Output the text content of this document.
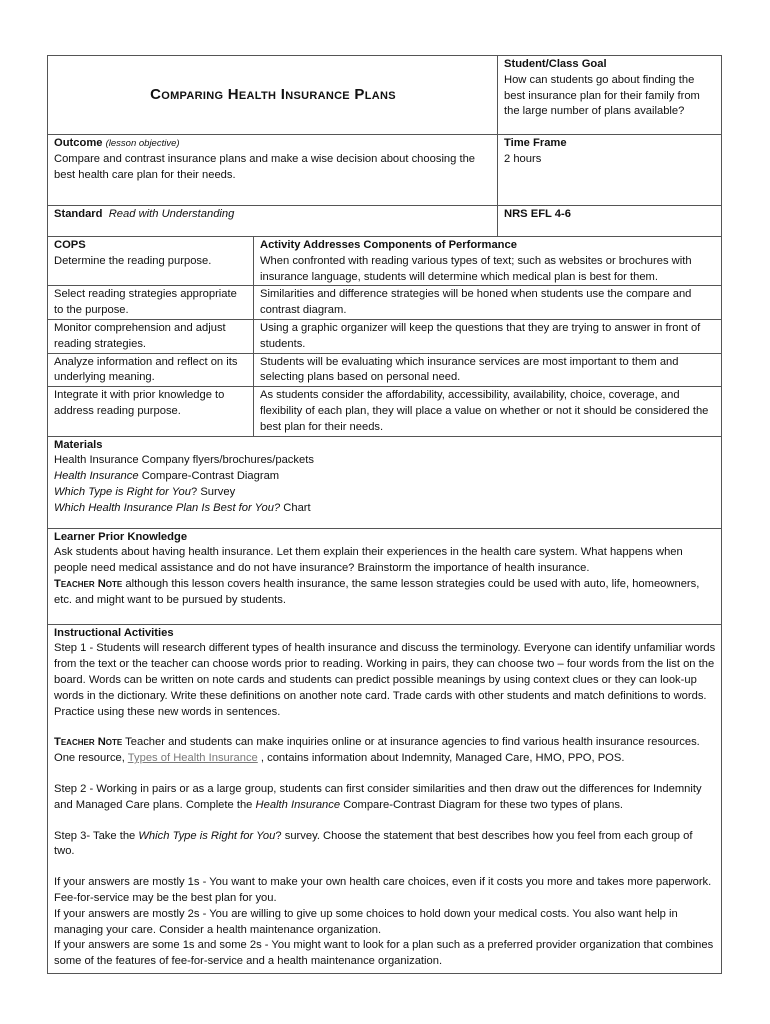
Comparing Health Insurance Plans
Student/Class Goal
How can students go about finding the best insurance plan for their family from the large number of plans available?
Outcome (lesson objective)
Compare and contrast insurance plans and make a wise decision about choosing the best health care plan for their needs.
Time Frame
2 hours
Standard Read with Understanding	NRS EFL 4-6
COPS
Determine the reading purpose.
Activity Addresses Components of Performance
When confronted with reading various types of text; such as websites or brochures with insurance language, students will determine which medical plan is best for them.
Select reading strategies appropriate to the purpose.
Similarities and difference strategies will be honed when students use the compare and contrast diagram.
Monitor comprehension and adjust reading strategies.
Using a graphic organizer will keep the questions that they are trying to answer in front of students.
Analyze information and reflect on its underlying meaning.
Students will be evaluating which insurance services are most important to them and selecting plans based on personal need.
Integrate it with prior knowledge to address reading purpose.
As students consider the affordability, accessibility, availability, choice, coverage, and flexibility of each plan, they will place a value on whether or not it should be considered the best plan for their needs.
Materials
Health Insurance Company flyers/brochures/packets
Health Insurance Compare-Contrast Diagram
Which Type is Right for You? Survey
Which Health Insurance Plan Is Best for You? Chart
Learner Prior Knowledge

Ask students about having health insurance. Let them explain their experiences in the health care system. What happens when people need medical assistance and do not have insurance? Brainstorm the importance of health insurance.

Teacher Note although this lesson covers health insurance, the same lesson strategies could be used with auto, life, homeowners, etc. and might want to be pursued by students.

Instructional Activities

Step 1 - Students will research different types of health insurance and discuss the terminology. Everyone can identify unfamiliar words from the text or the teacher can choose words prior to reading. Working in pairs, they can choose two – four words from the list on the board. Words can be written on note cards and students can predict possible meanings by using context clues or they can look-up words in the dictionary. Write these definitions on another note card. Trade cards with other students and match definitions to words. Practice using these new words in sentences.

Teacher Note Teacher and students can make inquiries online or at insurance agencies to find various health insurance resources. One resource, Types of Health Insurance , contains information about Indemnity, Managed Care, HMO, PPO, POS.

Step 2 - Working in pairs or as a large group, students can first consider similarities and then draw out the differences for Indemnity and Managed Care plans. Complete the Health Insurance Compare-Contrast Diagram for these two types of plans.

Step 3- Take the Which Type is Right for You? survey. Choose the statement that best describes how you feel from each group of two.

If your answers are mostly 1s - You want to make your own health care choices, even if it costs you more and takes more paperwork. Fee-for-service may be the best plan for you.

If your answers are mostly 2s - You are willing to give up some choices to hold down your medical costs. You also want help in managing your care. Consider a health maintenance organization.

If your answers are some 1s and some 2s - You might want to look for a plan such as a preferred provider organization that combines some of the features of fee-for-service and a health maintenance organization.
